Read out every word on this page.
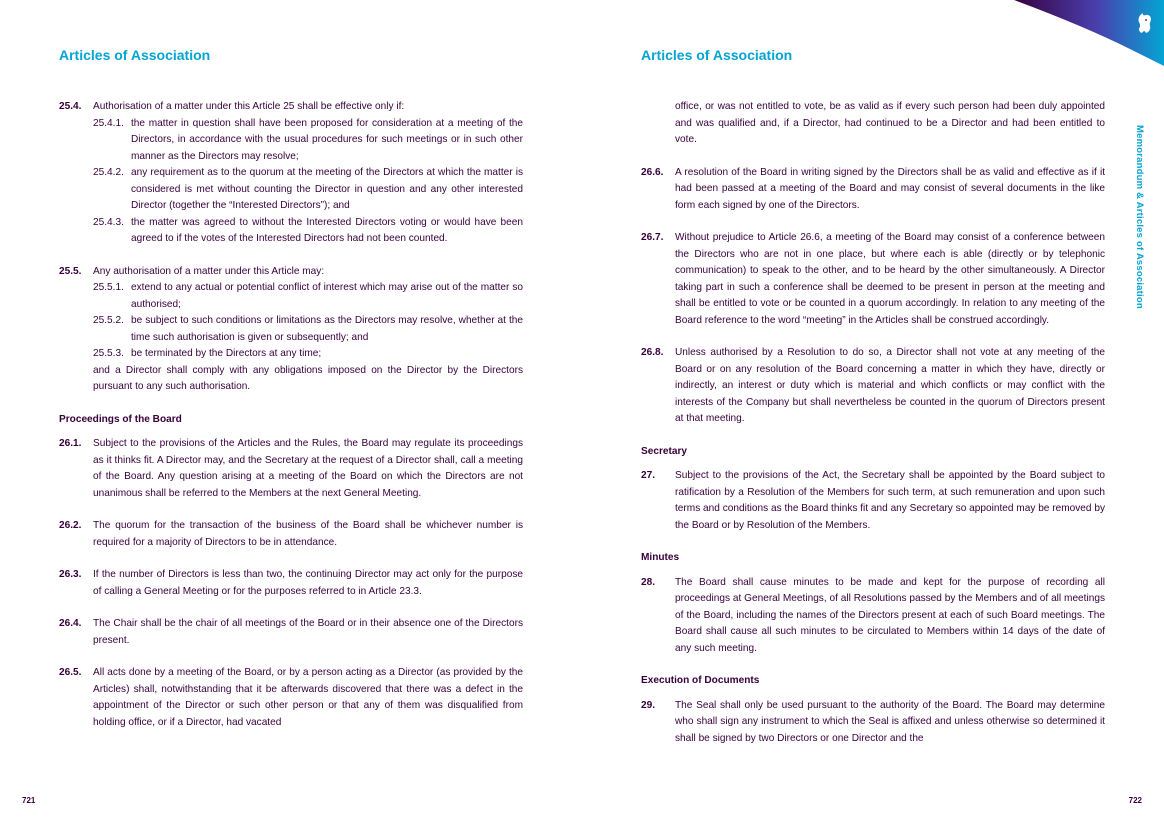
Articles of Association
25.4.	Authorisation of a matter under this Article 25 shall be effective only if:
25.4.1. the matter in question shall have been proposed for consideration at a meeting of the Directors, in accordance with the usual procedures for such meetings or in such other manner as the Directors may resolve;
25.4.2. any requirement as to the quorum at the meeting of the Directors at which the matter is considered is met without counting the Director in question and any other interested Director (together the “Interested Directors”); and
25.4.3. the matter was agreed to without the Interested Directors voting or would have been agreed to if the votes of the Interested Directors had not been counted.
25.5.	Any authorisation of a matter under this Article may:
25.5.1. extend to any actual or potential conflict of interest which may arise out of the matter so authorised;
25.5.2. be subject to such conditions or limitations as the Directors may resolve, whether at the time such authorisation is given or subsequently; and
25.5.3. be terminated by the Directors at any time;
and a Director shall comply with any obligations imposed on the Director by the Directors pursuant to any such authorisation.
Proceedings of the Board
26.1.	Subject to the provisions of the Articles and the Rules, the Board may regulate its proceedings as it thinks fit. A Director may, and the Secretary at the request of a Director shall, call a meeting of the Board. Any question arising at a meeting of the Board on which the Directors are not unanimous shall be referred to the Members at the next General Meeting.
26.2.	The quorum for the transaction of the business of the Board shall be whichever number is required for a majority of Directors to be in attendance.
26.3.	If the number of Directors is less than two, the continuing Director may act only for the purpose of calling a General Meeting or for the purposes referred to in Article 23.3.
26.4.	The Chair shall be the chair of all meetings of the Board or in their absence one of the Directors present.
26.5.	All acts done by a meeting of the Board, or by a person acting as a Director (as provided by the Articles) shall, notwithstanding that it be afterwards discovered that there was a defect in the appointment of the Director or such other person or that any of them was disqualified from holding office, or if a Director, had vacated
721
Articles of Association
office, or was not entitled to vote, be as valid as if every such person had been duly appointed and was qualified and, if a Director, had continued to be a Director and had been entitled to vote.
26.6.	A resolution of the Board in writing signed by the Directors shall be as valid and effective as if it had been passed at a meeting of the Board and may consist of several documents in the like form each signed by one of the Directors.
26.7.	Without prejudice to Article 26.6, a meeting of the Board may consist of a conference between the Directors who are not in one place, but where each is able (directly or by telephonic communication) to speak to the other, and to be heard by the other simultaneously. A Director taking part in such a conference shall be deemed to be present in person at the meeting and shall be entitled to vote or be counted in a quorum accordingly. In relation to any meeting of the Board reference to the word “meeting” in the Articles shall be construed accordingly.
26.8.	Unless authorised by a Resolution to do so, a Director shall not vote at any meeting of the Board or on any resolution of the Board concerning a matter in which they have, directly or indirectly, an interest or duty which is material and which conflicts or may conflict with the interests of the Company but shall nevertheless be counted in the quorum of Directors present at that meeting.
Secretary
27.	Subject to the provisions of the Act, the Secretary shall be appointed by the Board subject to ratification by a Resolution of the Members for such term, at such remuneration and upon such terms and conditions as the Board thinks fit and any Secretary so appointed may be removed by the Board or by Resolution of the Members.
Minutes
28.	The Board shall cause minutes to be made and kept for the purpose of recording all proceedings at General Meetings, of all Resolutions passed by the Members and of all meetings of the Board, including the names of the Directors present at each of such Board meetings. The Board shall cause all such minutes to be circulated to Members within 14 days of the date of any such meeting.
Execution of Documents
29.	The Seal shall only be used pursuant to the authority of the Board. The Board may determine who shall sign any instrument to which the Seal is affixed and unless otherwise so determined it shall be signed by two Directors or one Director and the
722
Memorandum & Articles of Association
